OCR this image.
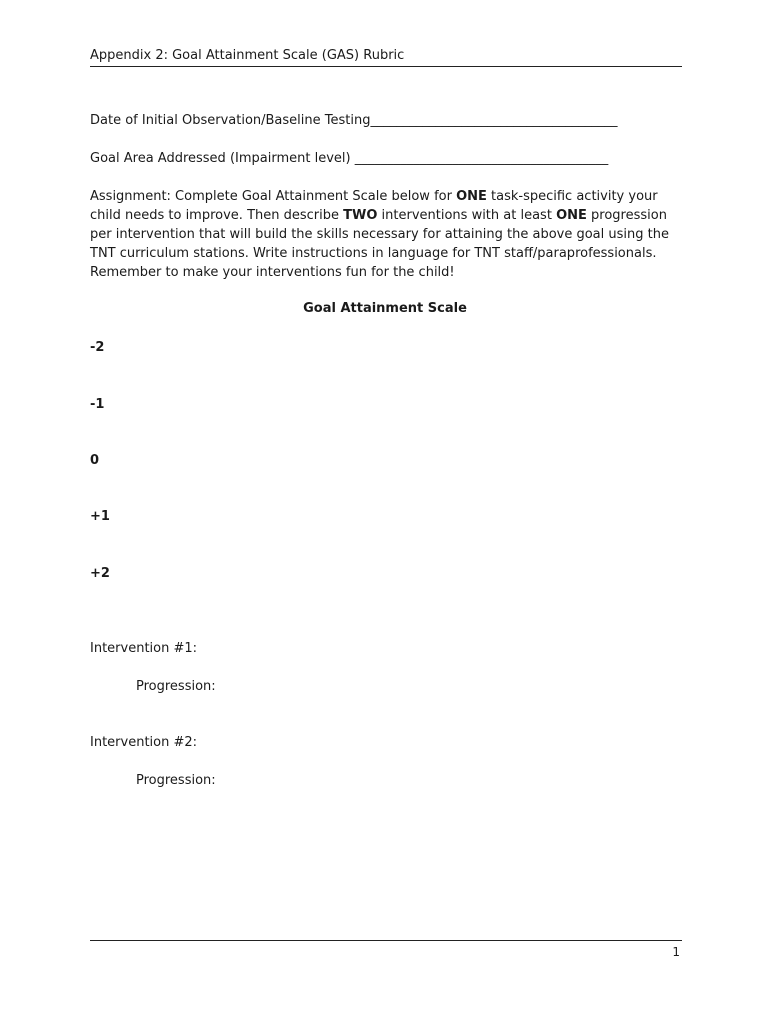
Appendix 2: Goal Attainment Scale (GAS) Rubric
Date of Initial Observation/Baseline Testing______________________________________
Goal Area Addressed (Impairment level) _______________________________________
Assignment: Complete Goal Attainment Scale below for ONE task-specific activity your child needs to improve. Then describe TWO interventions with at least ONE progression per intervention that will build the skills necessary for attaining the above goal using the TNT curriculum stations. Write instructions in language for TNT staff/paraprofessionals. Remember to make your interventions fun for the child!
Goal Attainment Scale
-2
-1
0
+1
+2
Intervention #1:
Progression:
Intervention #2:
Progression:
1
